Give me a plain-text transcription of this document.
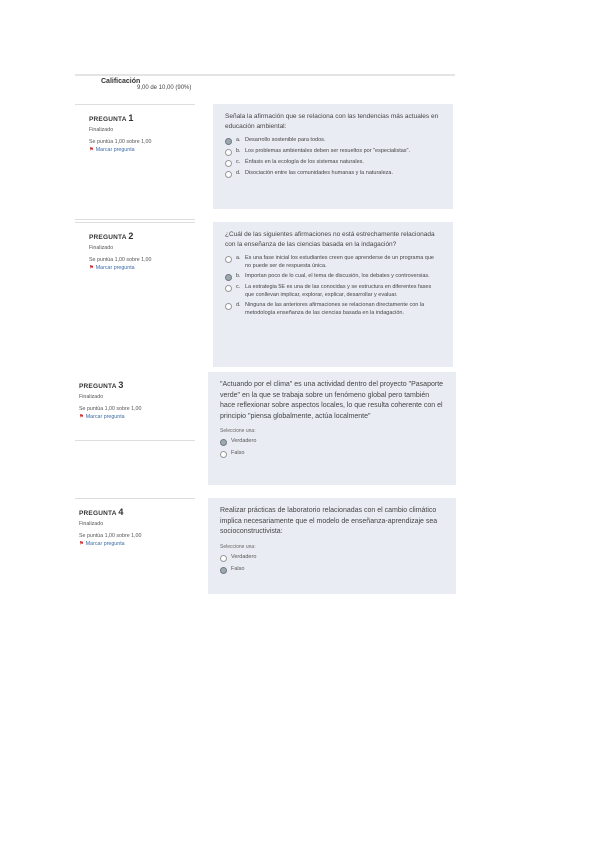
Calificación
9,00 de 10,00 (90%)
PREGUNTA 1
Finalizado
Se puntúa 1,00 sobre 1,00
⚑ Marcar pregunta
Señala la afirmación que se relaciona con las tendencias más actuales en educación ambiental:
a. Desarrollo sostenible para todos.
b. Los problemas ambientales deben ser resueltos por "especialistas".
c. Énfasis en la ecología de los sistemas naturales.
d. Disociación entre las comunidades humanas y la naturaleza.
PREGUNTA 2
Finalizado
Se puntúa 1,00 sobre 1,00
⚑ Marcar pregunta
¿Cuál de las siguientes afirmaciones no está estrechamente relacionada con la enseñanza de las ciencias basada en la indagación?
a. Es una fase inicial los estudiantes creen que aprenderse de un programa que no puede ser de respuesta única.
b. Importan poco de lo cual, el tema de discusión, los debates y controversias.
c. La estrategia 5E es una de las conocidas y se estructura en diferentes fases que conllevan implicar, explorar, explicar, desarrollar y evaluar.
d. Ninguna de las anteriores afirmaciones se relacionan directamente con la metodología enseñanza de las ciencias basada en la indagación.
PREGUNTA 3
Finalizado
Se puntúa 1,00 sobre 1,00
⚑ Marcar pregunta
"Actuando por el clima" es una actividad dentro del proyecto "Pasaporte verde" en la que se trabaja sobre un fenómeno global pero también hace reflexionar sobre aspectos locales, lo que resulta coherente con el principio "piensa globalmente, actúa localmente"
Seleccione una:
Verdadero
Falso
PREGUNTA 4
Finalizado
Se puntúa 1,00 sobre 1,00
⚑ Marcar pregunta
Realizar prácticas de laboratorio relacionadas con el cambio climático implica necesariamente que el modelo de enseñanza-aprendizaje sea socioconstructivista:
Seleccione una:
Verdadero
Falso
